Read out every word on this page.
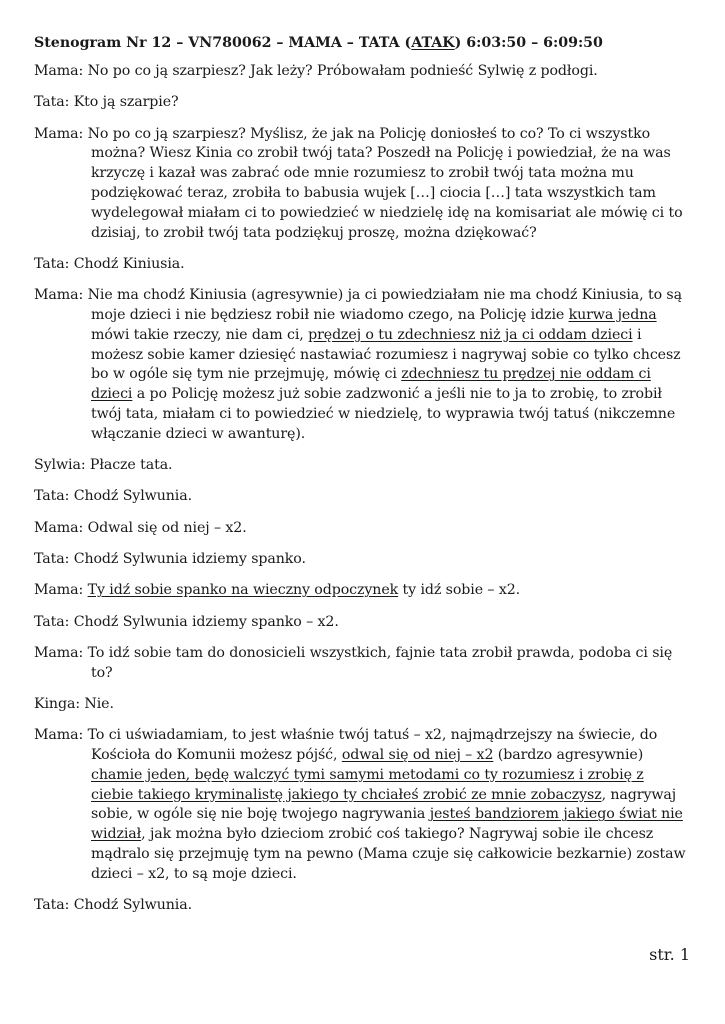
Stenogram Nr 12 – VN780062 – MAMA – TATA (ATAK) 6:03:50 – 6:09:50
Mama: No po co ją szarpiesz? Jak leży? Próbowałam podnieść Sylwię z podłogi.
Tata: Kto ją szarpie?
Mama: No po co ją szarpiesz? Myślisz, że jak na Policję doniosłeś to co? To ci wszystko można? Wiesz Kinia co zrobił twój tata? Poszedł na Policję i powiedział, że na was krzyczę i kazał was zabrać ode mnie rozumiesz to zrobił twój tata można mu podziękować teraz, zrobiła to babusia wujek […] ciocia […] tata wszystkich tam wydelegował miałam ci to powiedzieć w niedzielę idę na komisariat ale mówię ci to dzisiaj, to zrobił twój tata podziękuj proszę, można dziękować?
Tata: Chodź Kiniusia.
Mama: Nie ma chodź Kiniusia (agresywnie) ja ci powiedziałam nie ma chodź Kiniusia, to są moje dzieci i nie będziesz robił nie wiadomo czego, na Policję idzie kurwa jedna mówi takie rzeczy, nie dam ci, prędzej o tu zdechniesz niż ja ci oddam dzieci i możesz sobie kamer dziesięć nastawiać rozumiesz i nagrywaj sobie co tylko chcesz bo w ogóle się tym nie przejmuję, mówię ci zdechniesz tu prędzej nie oddam ci dzieci a po Policję możesz już sobie zadzwonić a jeśli nie to ja to zrobię, to zrobił twój tata, miałam ci to powiedzieć w niedzielę, to wyprawia twój tatuś (nikczemne włączanie dzieci w awanturę).
Sylwia: Płacze tata.
Tata: Chodź Sylwunia.
Mama: Odwal się od niej – x2.
Tata: Chodź Sylwunia idziemy spanko.
Mama: Ty idź sobie spanko na wieczny odpoczynek ty idź sobie – x2.
Tata: Chodź Sylwunia idziemy spanko – x2.
Mama: To idź sobie tam do donosicieli wszystkich, fajnie tata zrobił prawda, podoba ci się to?
Kinga: Nie.
Mama: To ci uświadamiam, to jest właśnie twój tatuś – x2, najmądrzejszy na świecie, do Kościoła do Komunii możesz pójść, odwal się od niej – x2 (bardzo agresywnie) chamie jeden, będę walczyć tymi samymi metodami co ty rozumiesz i zrobię z ciebie takiego kryminalistę jakiego ty chciałeś zrobić ze mnie zobaczysz, nagrywaj sobie, w ogóle się nie boję twojego nagrywania jesteś bandziorem jakiego świat nie widział, jak można było dzieciom zrobić coś takiego? Nagrywaj sobie ile chcesz mądralo się przejmuję tym na pewno (Mama czuje się całkowicie bezkarnie) zostaw dzieci – x2, to są moje dzieci.
Tata: Chodź Sylwunia.
str. 1
